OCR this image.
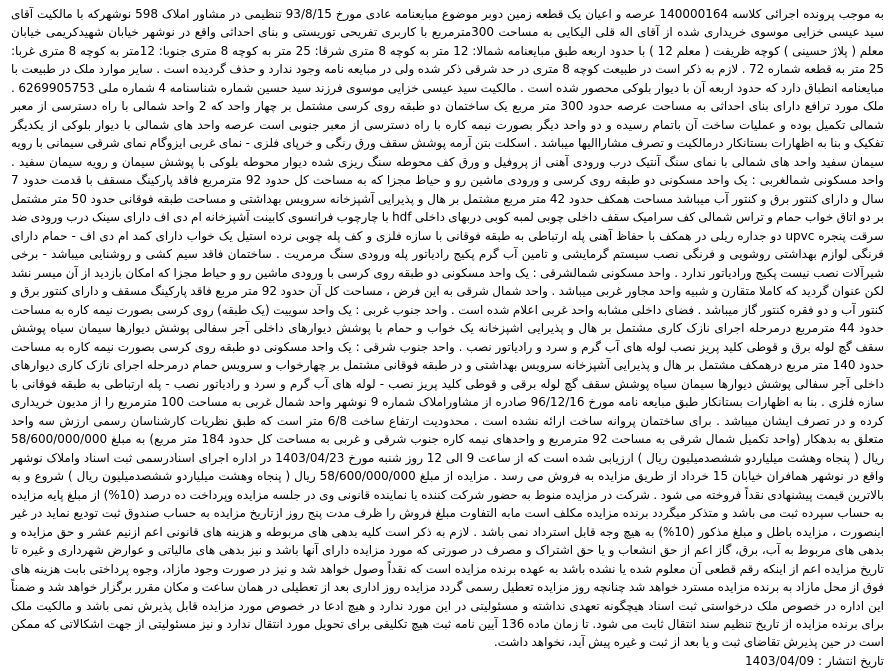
به موجب پرونده اجرائی کلاسه 140000164 عرصه و اعیان یک قطعه زمین دوبر موضوع مبایعنامه عادی مورخ 93/8/15 تنظیمی در مشاور املاک 598 نوشهرکه با مالکیت آقای سید عیسی خزایی موسوی خریداری شده از آقای اله قلی الیکایی به مساحت 300مترمربع با کاربری تفریحی توریستی و بنای احداثی واقع در نوشهر خیابان شهیدکریمی خیابان معلم ( پلاژ حسینی ) کوچه ظریفت ( معلم 12 ) با حدود اربعه طبق مبایعنامه شمالا: 12 متر به کوچه 8 متری شرقا: 25 متر به کوچه 8 متری جنوبا: 12متر به کوچه 8 متری غربا: 25 متر به قطعه شماره 72 . لازم به ذکر است در طبیعت کوچه 8 متری در حد شرقی ذکر شده ولی در مبایعه نامه وجود ندارد و حذف گردیده است . سایر موارد ملک در طبیعت با مبایعنامه انطباق دارد که حدود اربعه آن با دیوار بلوکی محصور شده است . مالکیت سید عیسی خزایی موسوی فرزند سید حسین شماره شناسنامه 4 شماره ملی 6269905753 . ملک مورد ترافع دارای بنای احداثی به مساحت عرصه حدود 300 متر مربع یک ساختمان دو طبقه روی کرسی مشتمل بر چهار واحد که 2 واحد شمالی با راه دسترسی از معبر شمالی تکمیل بوده و عملیات ساخت آن باتمام رسیده و دو واحد دیگر بصورت نیمه کاره با راه دسترسی از معبر جنوبی است عرصه واحد های شمالی با دیوار بلوکی از یکدیگر تفکیک و بنا به اظهارات بستانکار درمالکیت و تصرف مشاراالیها میباشد . اسکلت بتن آرمه پوشش سقف ورق رنگی و خرپای فلزی - نمای غربی ایزوگام نمای شرقی سیمانی با رویه سیمان سفید واحد های شمالی با نمای سنگ آنتیک درب ورودی آهنی از پروفیل و ورق کف محوطه سنگ ریزی شده دیوار محوطه بلوکی با پوشش سیمان و رویه سیمان سفید . واحد مسکونی شمالغربی : یک واحد مسکونی دو طبقه روی کرسی و ورودی ماشین رو و حیاط مجزا که به مساحت کل حدود 92 مترمربع فاقد پارکینگ مسقف با قدمت حدود 7 سال و دارای کنتور برق و کنتور آب میباشد مساحت همکف حدود 42 متر مربع مشتمل بر هال و پذیرایی آشپزخانه سرویس بهداشتی و مساحت طبقه فوقانی حدود 50 متر مشتمل بر دو اتاق خواب حمام و تراس شمالی کف سرامیک سقف داخلی چوبی لمبه کوبی دربهای داخلی hdf با چارچوب فرانسوی کابینت آشپزخانه ام دی اف دارای سینک درب ورودی ضد سرقت پنجره upvc دو جداره ریلی در همکف با حفاظ آهنی پله ارتباطی به طبقه فوقانی با سازه فلزی و کف پله چوبی نرده استیل یک خواب دارای کمد ام دی اف - حمام دارای فرنگی لوازم بهداشتی روشویی و فرنگی نصب سیستم گرمایشی و تامین آب گرم پکیج رادیاتور پله ورودی سنگ مرمریت . ساختمان فاقد سیم کشی و روشنایی میباشد - برخی شیرآلات نصب نیست پکیج ورادیاتور ندارد . واحد مسکونی شمالشرقی : یک واحد مسکونی دو طبقه روی کرسی با ورودی ماشین رو و حیاط مجزا که امکان بازدید از آن میسر نشد لکن عنوان گردید که کاملا متقارن و شبیه واحد مجاور غربی میباشد . واحد شمال شرقی به این فرض ، مساحت کل آن حدود 92 متر مربع فاقد پارکینگ مسقف و دارای کنتور برق و کنتور آب و دو فقره کنتور گاز میباشد . فضای داخلی مشابه واحد غربی اعلام شده است . واحد جنوب غربی : یک واحد سوییت (یک طبقه) روی کرسی بصورت نیمه کاره به مساحت حدود 44 مترمربع درمرحله اجرای نازک کاری مشتمل بر هال و پذیرایی اشپزخانه یک خواب و حمام با پوشش دیوارهای داخلی آجر سفالی پوشش دیوارها سیمان سیاه پوشش سقف گچ لوله برق و قوطی کلید پریز نصب لوله های آب گرم و سرد و رادیاتور نصب . واحد جنوب شرقی : یک واحد مسکونی دو طبقه روی کرسی بصورت نیمه کاره به مساحت حدود 140 متر مربع درهمکف مشتمل بر هال و پذیرایی آشپزخانه سرویس بهداشتی و در طبقه فوقانی مشتمل بر چهارخواب و سرویس حمام درمرحله اجرای نازک کاری دیوارهای داخلی آجر سفالی پوشش دیوارها سیمان سیاه پوشش سقف گچ لوله برقی و قوطی کلید پریز نصب - لوله های آب گرم و سرد و رادیاتور نصب - پله ارتباطی به طبقه فوقانی با سازه فلزی . بنا به اظهارات بستانکار طبق مبایعه نامه مورخ 96/12/16 صادره از مشاوراملاک شماره 9 نوشهر واحد شمال غربی به مساحت 100 مترمربع را از مدیون خریداری کرده و در تصرف ایشان میباشد . برای ساختمان پروانه ساخت ارائه نشده است . محدودیت ارتفاع ساخت 6/8 متر است که طبق نظریات کارشناسان رسمی ارزش سه واحد متعلق به بدهکار (واحد تکمیل شمال شرقی به مساحت 92 مترمربع و واحدهای نیمه کاره جنوب شرقی و غربی به مساحت کل حدود 184 متر مربع) به مبلغ 58/600/000/000 ریال ( پنجاه وهشت میلیاردو ششصدمیلیون ریال ) ارزیابی شده است که از ساعت 9 الی 12 روز شنبه مورخ 1403/04/23 در اداره اجرای اسنادرسمی ثبت اسناد واملاک نوشهر واقع در نوشهر همافران خیابان 15 خرداد از طریق مزایده به فروش می رسد . مزایده از مبلغ 58/600/000/000 ریال ( پنجاه وهشت میلیاردو ششصدمیلیون ریال ) شروع و به بالاترین قیمت پیشنهادی نقداً فروخته می شود . شرکت در مزایده منوط به حضور شرکت کننده یا نماینده قانونی وی در جلسه مزایده وپرداخت ده درصد (10%) از مبلغ پایه مزایده به حساب سپرده ثبت می باشد و متذکر میگردد برنده مزایده مکلف است مابه التفاوت مبلغ فروش را ظرف مدت پنج روز ازتاریخ مزایده به حساب صندوق ثبت تودیع نماید در غیر اینصورت ، مزایده باطل و مبلغ مذکور (10%) به هیچ وجه قابل استرداد نمی باشد . لازم به ذکر است کلیه بدهی های مربوطه و هزینه های قانونی اعم ازنیم عشر و حق مزایده و بدهی های مربوط به آب، برق، گاز اعم از حق انشعاب و یا حق اشتراک و مصرف در صورتی که مورد مزایده دارای آنها باشد و نیز بدهی های مالیاتی و عوارض شهرداری و غیره تا تاریخ مزایده اعم از اینکه رقم قطعی آن معلوم شده یا نشده باشد به عهده برنده مزایده است که نقداً وصول خواهد شد و نیز در صورت وجود مازاد، وجوه پرداختی بابت هزینه های فوق از محل مازاد به برنده مزایده مسترد خواهد شد چنانچه روز مزایده تعطیل رسمی گردد مزایده روز اداری بعد از تعطیلی در همان ساعت و مکان مقرر برگزار خواهد شد و ضمناً این اداره در خصوص ملک درخواستی ثبت اسناد هیچگونه تعهدی نداشته و مسئولیتی در این مورد ندارد و هیچ ادعا در خصوص مورد مزایده قابل پذیرش نمی باشد و مالکیت ملک برای برنده مزایده از تاریخ تنظیم سند انتقال ثابت می شود. تا زمان ماده 136 آیین نامه ثبت هیچ تکلیفی برای تحویل مورد انتقال ندارد و نیز مسئولیتی از جهت اشکالاتی که ممکن است در حین پذیرش تقاضای ثبت و یا بعد از ثبت و غیره پیش آید، نخواهد داشت.

تاریخ انتشار : 1403/04/09
